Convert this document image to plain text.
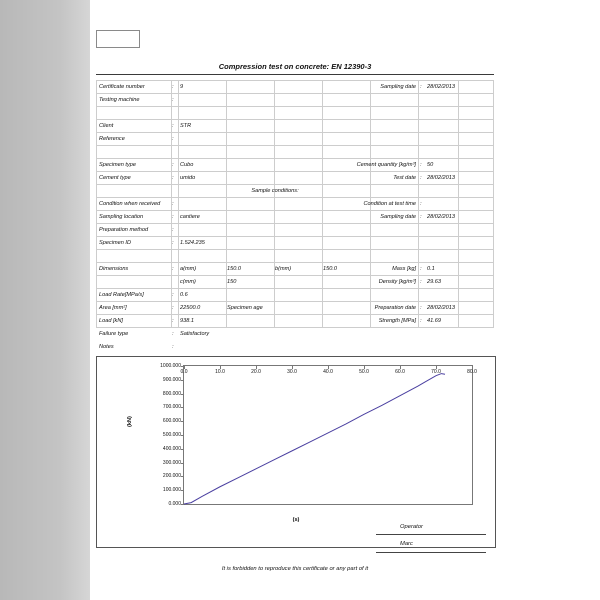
Compression test on concrete: EN 12390-3
Certificate number	: 9	Sampling date : 28/02/2013
Testing machine	:
Client	: STR
Reference	:
Specimen type	: Cubo	Cement quantity [kg/m³] : 50
Cement type	: umido	Test date : 28/02/2013
Sample conditions:
Condition when received :	Condition at test time :
Sampling location	: cantiere	Sampling date : 28/02/2013
Preparation method	:
Specimen ID	: 1.524.235
Dimensions	: a(mm)	150.0	b(mm)	150.0	Mass [kg] : 0.1
c(mm)	150	Density [kg/m³] : 29.63
Load Rate[MPa/s]	: 0.6
Area [mm²]	: 22500.0	Specimen age	Preparation date : 28/02/2013
Load [kN]	: 938.1	Strength [MPa] : 41.69
Failure type	: Satisfactory
Notes	:
0.000
100.000
200.000
300.000
400.000
500.000
600.000
700.000
800.000
900.000
1000.000
0.0	10.0	20.0	30.0	40.0	50.0	60.0	70.0	80.0
(kN)
(s)
Operator
Marc
It is forbidden to reproduce this certificate or any part of it
